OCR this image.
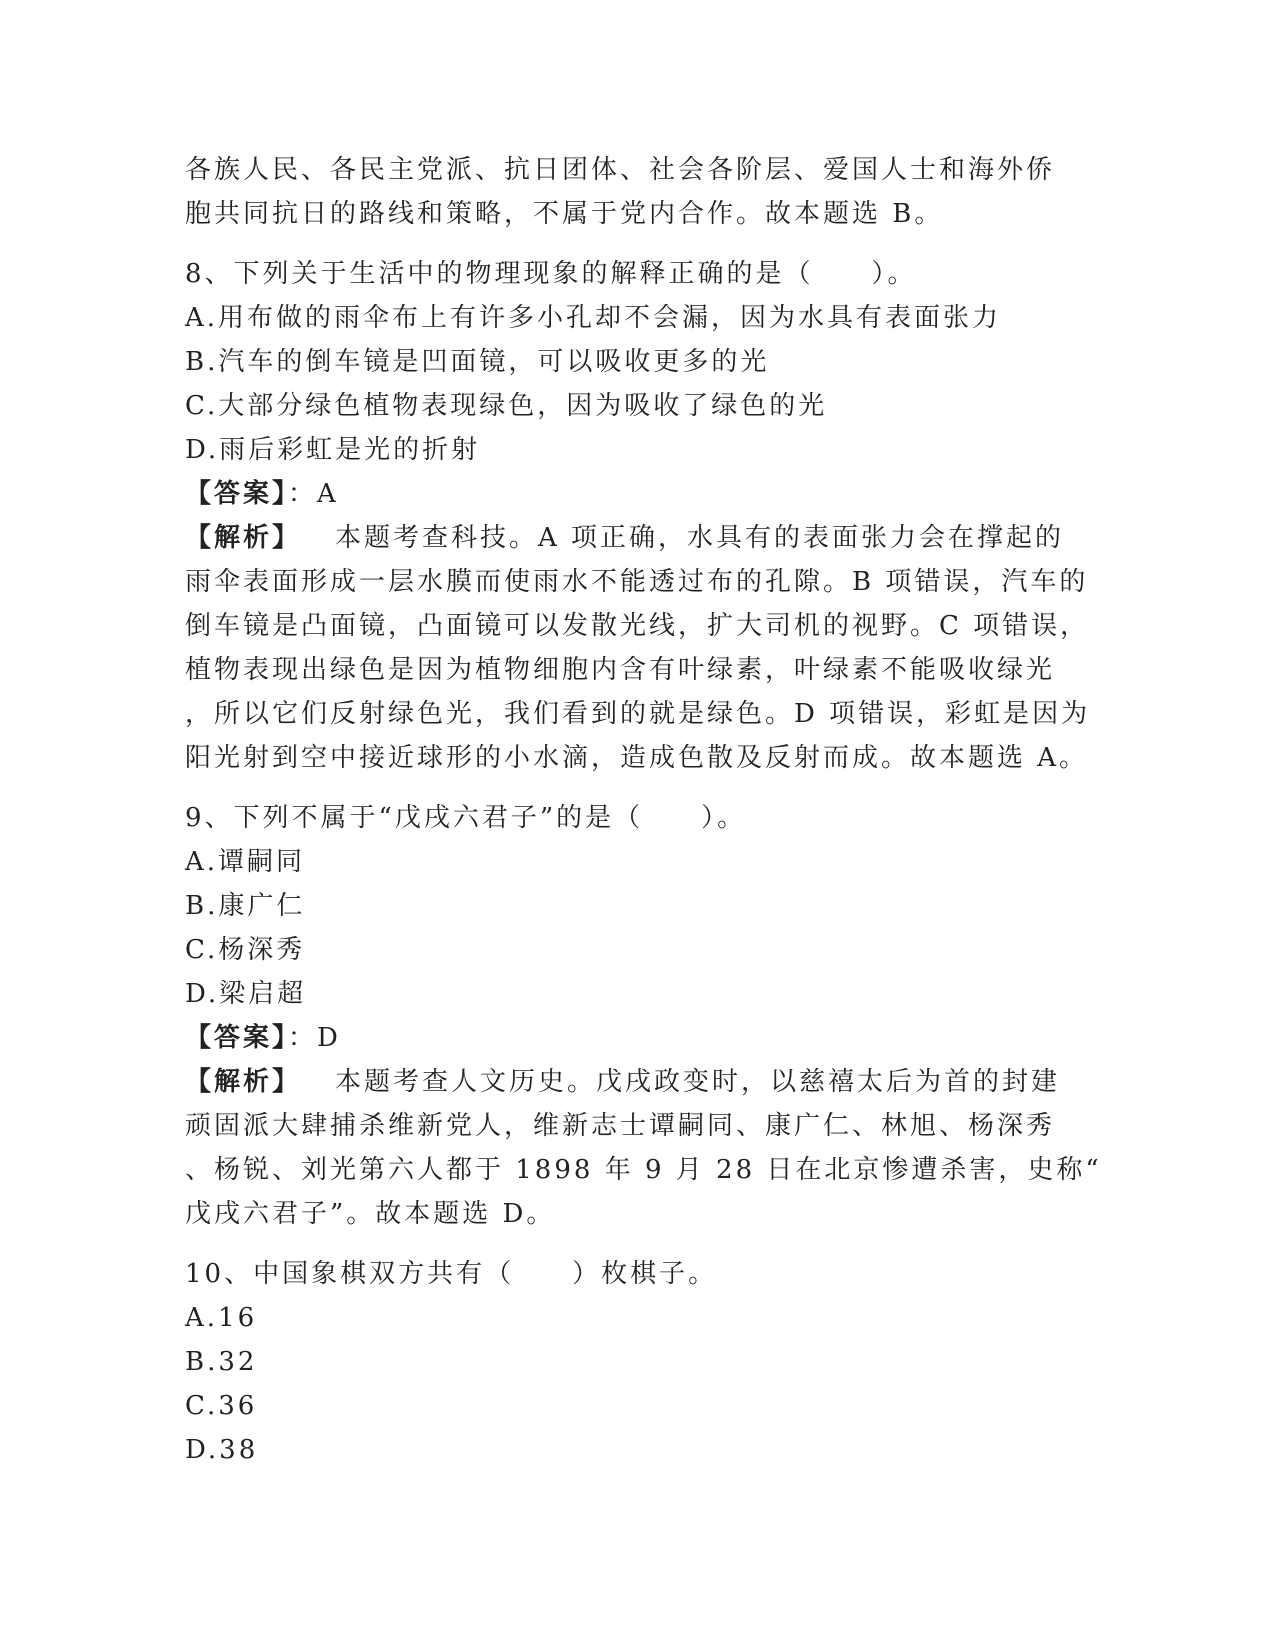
各族人民、各民主党派、抗日团体、社会各阶层、爱国人士和海外侨
胞共同抗日的路线和策略，不属于党内合作。故本题选 B。
8、下列关于生活中的物理现象的解释正确的是（　　）。
A.用布做的雨伞布上有许多小孔却不会漏，因为水具有表面张力
B.汽车的倒车镜是凹面镜，可以吸收更多的光
C.大部分绿色植物表现绿色，因为吸收了绿色的光
D.雨后彩虹是光的折射
【答案】：A
【解析】 本题考查科技。A 项正确，水具有的表面张力会在撑起的
雨伞表面形成一层水膜而使雨水不能透过布的孔隙。B 项错误，汽车的
倒车镜是凸面镜，凸面镜可以发散光线，扩大司机的视野。C 项错误，
植物表现出绿色是因为植物细胞内含有叶绿素，叶绿素不能吸收绿光
，所以它们反射绿色光，我们看到的就是绿色。D 项错误，彩虹是因为
阳光射到空中接近球形的小水滴，造成色散及反射而成。故本题选 A。
9、下列不属于“戊戌六君子”的是（　　）。
A.谭嗣同
B.康广仁
C.杨深秀
D.梁启超
【答案】：D
【解析】 本题考查人文历史。戊戌政变时，以慈禧太后为首的封建
顽固派大肆捕杀维新党人，维新志士谭嗣同、康广仁、林旭、杨深秀
、杨锐、刘光第六人都于 1898 年 9 月 28 日在北京惨遭杀害，史称“
戊戌六君子”。故本题选 D。
10、中国象棋双方共有（　　）枚棋子。
A.16
B.32
C.36
D.38
